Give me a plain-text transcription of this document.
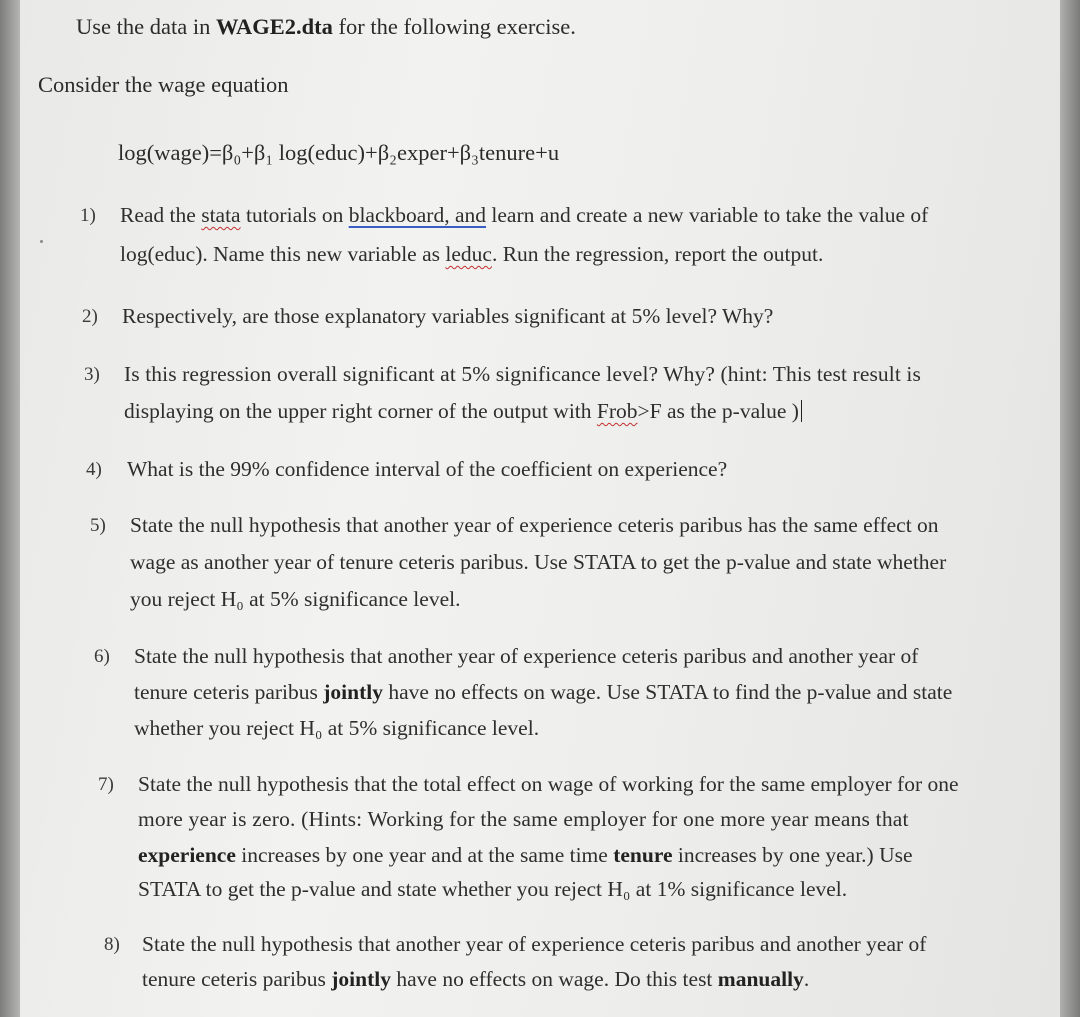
Use the data in WAGE2.dta for the following exercise.
Consider the wage equation
log(wage)=β₀+β₁ log(educ)+β₂exper+β₃tenure+u
1) Read the stata tutorials on blackboard, and learn and create a new variable to take the value of
log(educ). Name this new variable as leduc. Run the regression, report the output.
2) Respectively, are those explanatory variables significant at 5% level? Why?
3) Is this regression overall significant at 5% significance level? Why? (hint: This test result is
displaying on the upper right corner of the output with Frob>F as the p-value )
4) What is the 99% confidence interval of the coefficient on experience?
5) State the null hypothesis that another year of experience ceteris paribus has the same effect on
wage as another year of tenure ceteris paribus. Use STATA to get the p-value and state whether
you reject H₀ at 5% significance level.
6) State the null hypothesis that another year of experience ceteris paribus and another year of
tenure ceteris paribus jointly have no effects on wage. Use STATA to find the p-value and state
whether you reject H₀ at 5% significance level.
7) State the null hypothesis that the total effect on wage of working for the same employer for one
more year is zero. (Hints: Working for the same employer for one more year means that
experience increases by one year and at the same time tenure increases by one year.) Use
STATA to get the p-value and state whether you reject H₀ at 1% significance level.
8) State the null hypothesis that another year of experience ceteris paribus and another year of
tenure ceteris paribus jointly have no effects on wage. Do this test manually.
